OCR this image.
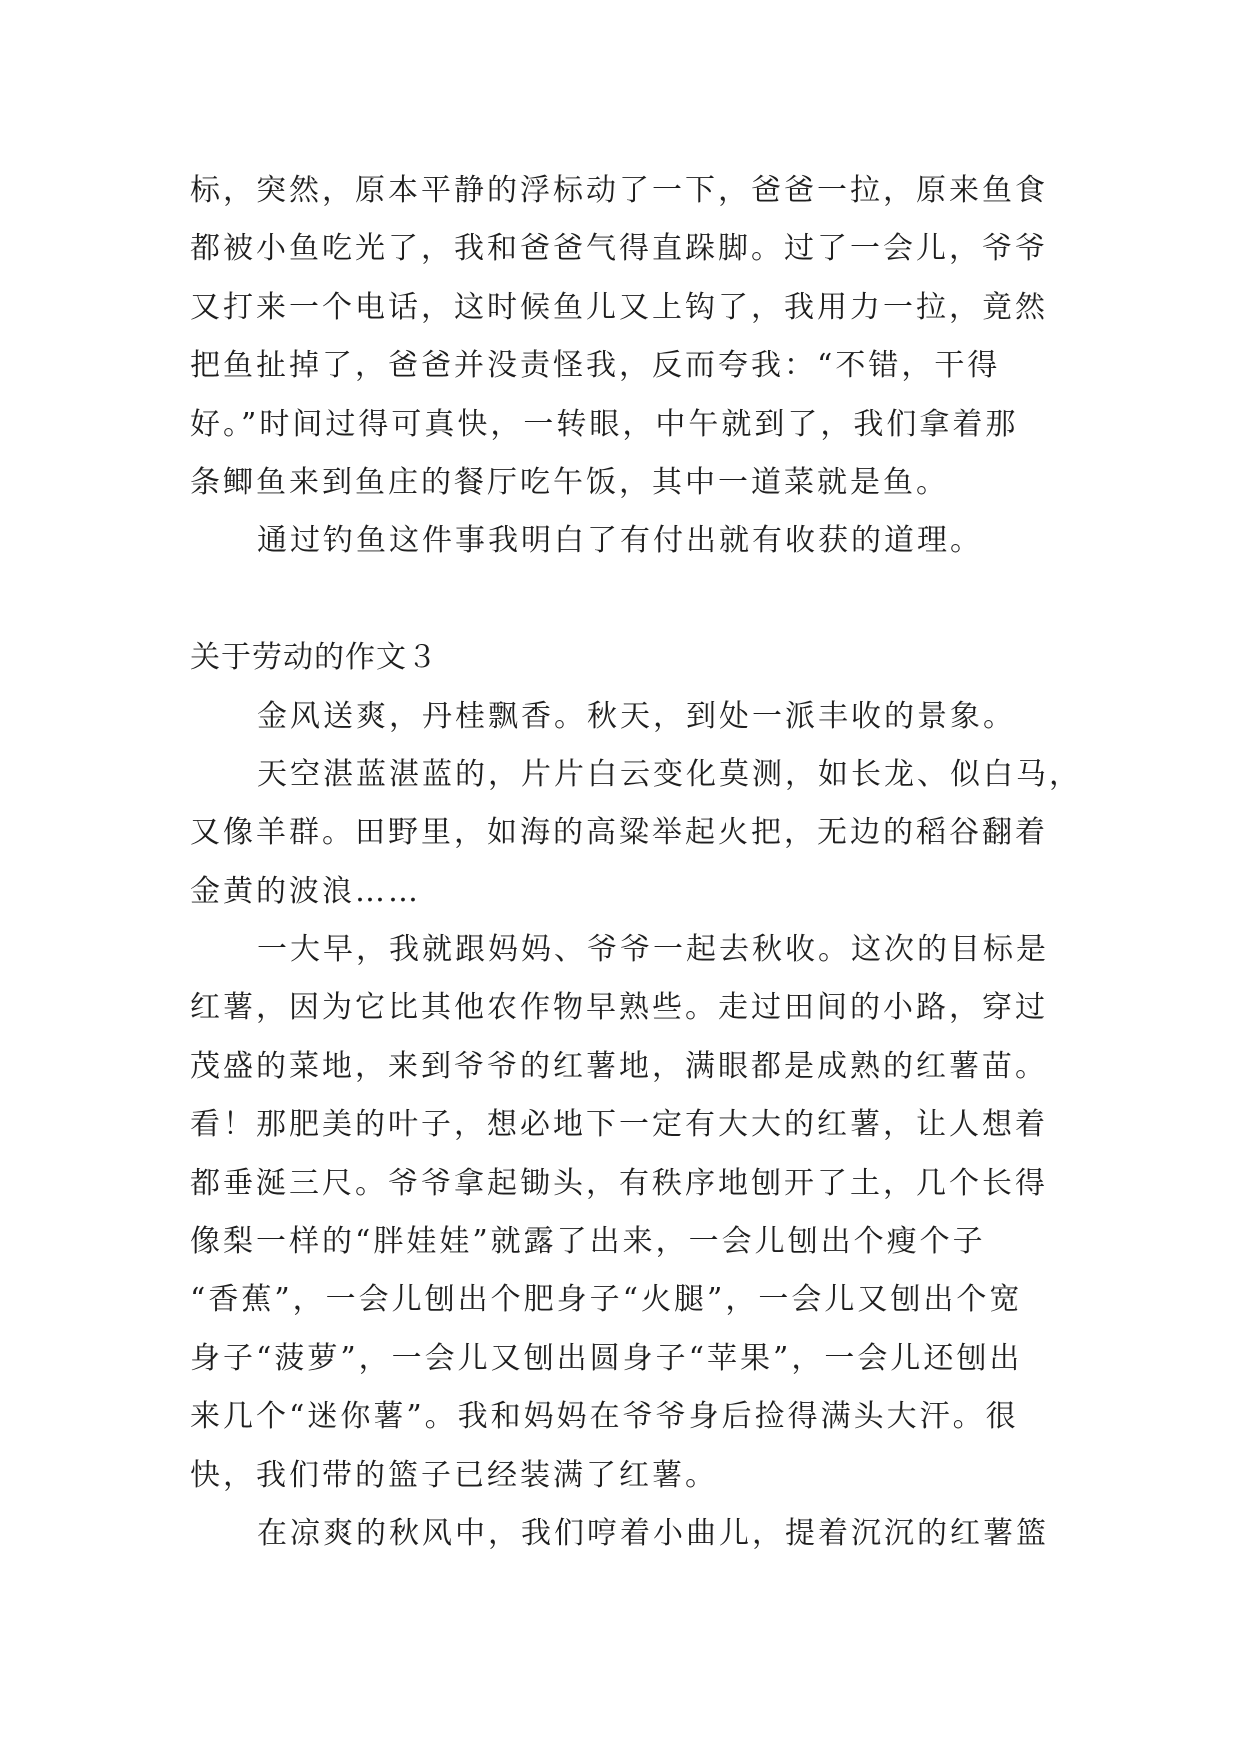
标，突然，原本平静的浮标动了一下，爸爸一拉，原来鱼食
都被小鱼吃光了，我和爸爸气得直跺脚。过了一会儿，爷爷
又打来一个电话，这时候鱼儿又上钩了，我用力一拉，竟然
把鱼扯掉了，爸爸并没责怪我，反而夸我：“不错，干得
好。”时间过得可真快，一转眼，中午就到了，我们拿着那
条鲫鱼来到鱼庄的餐厅吃午饭，其中一道菜就是鱼。
通过钓鱼这件事我明白了有付出就有收获的道理。
关于劳动的作文３
金风送爽，丹桂飘香。秋天，到处一派丰收的景象。
天空湛蓝湛蓝的，片片白云变化莫测，如长龙、似白马，
又像羊群。田野里，如海的高粱举起火把，无边的稻谷翻着
金黄的波浪……
一大早，我就跟妈妈、爷爷一起去秋收。这次的目标是
红薯，因为它比其他农作物早熟些。走过田间的小路，穿过
茂盛的菜地，来到爷爷的红薯地，满眼都是成熟的红薯苗。
看！那肥美的叶子，想必地下一定有大大的红薯，让人想着
都垂涎三尺。爷爷拿起锄头，有秩序地刨开了土，几个长得
像梨一样的“胖娃娃”就露了出来，一会儿刨出个瘦个子
“香蕉”，一会儿刨出个肥身子“火腿”，一会儿又刨出个宽
身子“菠萝”，一会儿又刨出圆身子“苹果”，一会儿还刨出
来几个“迷你薯”。我和妈妈在爷爷身后捡得满头大汗。很
快，我们带的篮子已经装满了红薯。
在凉爽的秋风中，我们哼着小曲儿，提着沉沉的红薯篮
